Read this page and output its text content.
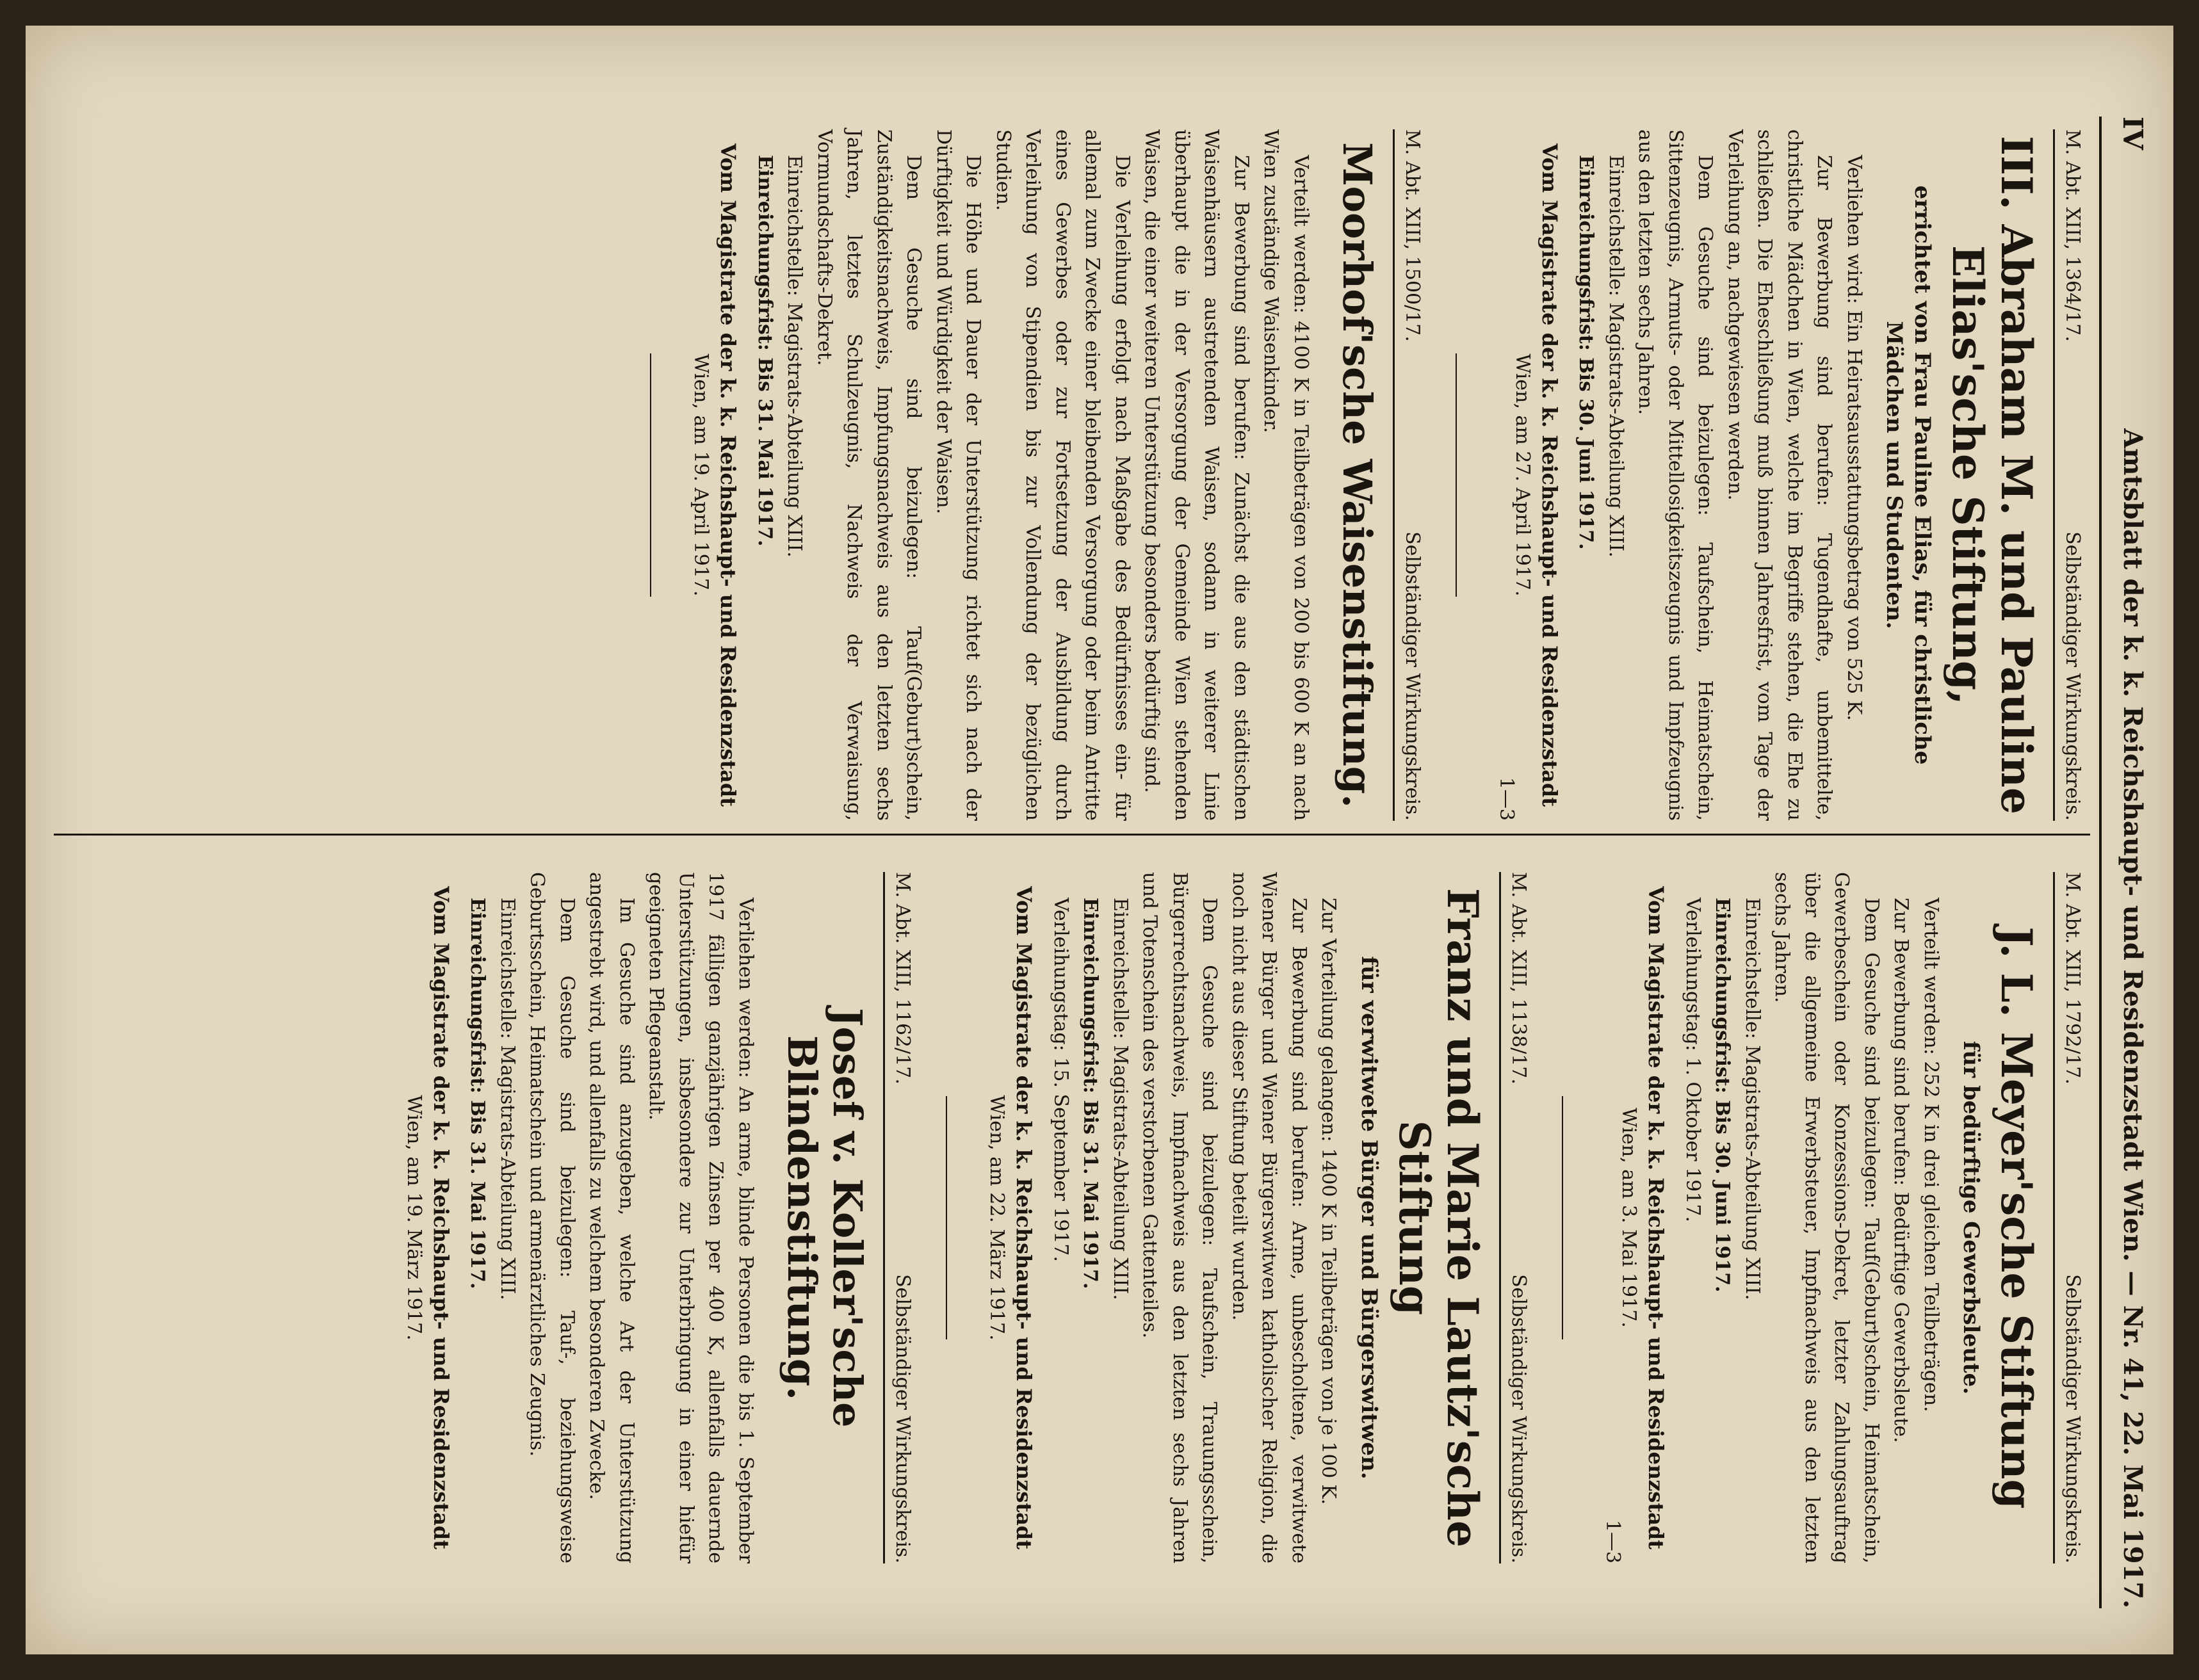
IV
Amtsblatt der k. k. Reichshaupt- und Residenzstadt Wien. — Nr. 41, 22. Mai 1917.
M. Abt. XIII, 1364/17.
Selbständiger Wirkungskreis.
III. Abraham M. und Pauline Elias'sche Stiftung,
errichtet von Frau Pauline Elias, für christliche Mädchen und Studenten.

Verliehen wird: Ein Heiratsausstattungsbetrag von 525 K.

Zur Bewerbung sind berufen: Tugendhafte, unbemittelte, christliche Mädchen in Wien, welche im Begriffe stehen, die Ehe zu schließen. Die Eheschließung muß binnen Jahresfrist, vom Tage der Verleihung an, nachgewiesen werden.

Dem Gesuche sind beizulegen: Taufschein, Heimatschein, Sittenzeugnis, Armuts- oder Mittellosigkeitszeugnis und Impfzeugnis aus den letzten sechs Jahren.

Einreichstelle: Magistrats-Abteilung XIII.

Einreichungsfrist: Bis 30. Juni 1917.

Vom Magistrate der k. k. Reichshaupt- und Residenzstadt
Wien, am 27. April 1917.
1—3
M. Abt. XIII, 1500/17.
Selbständiger Wirkungskreis.
Moorhof'sche Waisenstiftung.

Verteilt werden: 4100 K in Teilbeträgen von 200 bis 600 K an nach Wien zuständige Waisenkinder.

Zur Bewerbung sind berufen: Zunächst die aus den städtischen Waisenhäusern austretenden Waisen, sodann in weiterer Linie überhaupt die in der Versorgung der Gemeinde Wien stehenden Waisen, die einer weiteren Unterstützung besonders bedürftig sind.

Die Verleihung erfolgt nach Maßgabe des Bedürfnisses ein- für allemal zum Zwecke einer bleibenden Versorgung oder beim Antritte eines Gewerbes oder zur Fortsetzung der Ausbildung durch Verleihung von Stipendien bis zur Vollendung der bezüglichen Studien.

Die Höhe und Dauer der Unterstützung richtet sich nach der Dürftigkeit und Würdigkeit der Waisen.

Dem Gesuche sind beizulegen: Tauf(Geburt)schein, Zuständigkeitsnachweis, Impfungsnachweis aus den letzten sechs Jahren, letztes Schulzeugnis, Nachweis der Verwaisung, Vormundschafts-Dekret.

Einreichstelle: Magistrats-Abteilung XIII.

Einreichungsfrist: Bis 31. Mai 1917.

Vom Magistrate der k. k. Reichshaupt- und Residenzstadt
Wien, am 19. April 1917.
M. Abt. XIII, 1792/17.
Selbständiger Wirkungskreis.
J. L. Meyer'sche Stiftung
für bedürftige Gewerbsleute.

Verteilt werden: 252 K in drei gleichen Teilbeträgen.

Zur Bewerbung sind berufen: Bedürftige Gewerbsleute.

Dem Gesuche sind beizulegen: Tauf(Geburt)schein, Heimatschein, Gewerbeschein oder Konzessions-Dekret, letzter Zahlungsauftrag über die allgemeine Erwerbsteuer, Impfnachweis aus den letzten sechs Jahren.

Einreichstelle: Magistrats-Abteilung XIII.

Einreichungsfrist: Bis 30. Juni 1917.

Verleihungstag: 1. Oktober 1917.

Vom Magistrate der k. k. Reichshaupt- und Residenzstadt
Wien, am 3. Mai 1917.
1—3
M. Abt. XIII, 1138/17.
Selbständiger Wirkungskreis.
Franz und Marie Lautz'sche Stiftung
für verwitwete Bürger und Bürgerswitwen.

Zur Verteilung gelangen: 1400 K in Teilbeträgen von je 100 K.

Zur Bewerbung sind berufen: Arme, unbescholtene, verwitwete Wiener Bürger und Wiener Bürgerswitwen katholischer Religion, die noch nicht aus dieser Stiftung beteilt wurden.

Dem Gesuche sind beizulegen: Taufschein, Trauungsschein, Bürgerrechtsnachweis, Impfnachweis aus den letzten sechs Jahren und Totenschein des verstorbenen Gattenteiles.

Einreichstelle: Magistrats-Abteilung XIII.

Einreichungsfrist: Bis 31. Mai 1917.

Verleihungstag: 15. September 1917.

Vom Magistrate der k. k. Reichshaupt- und Residenzstadt
Wien, am 22. März 1917.
M. Abt. XIII, 1162/17.
Selbständiger Wirkungskreis.
Josef v. Koller'sche Blindenstiftung.

Verliehen werden: An arme, blinde Personen die bis 1. September 1917 fälligen ganzjährigen Zinsen per 400 K, allenfalls dauernde Unterstützungen, insbesondere zur Unterbringung in einer hiefür geeigneten Pflegeanstalt.

Im Gesuche sind anzugeben, welche Art der Unterstützung angestrebt wird, und allenfalls zu welchem besonderen Zwecke.

Dem Gesuche sind beizulegen: Tauf-, beziehungsweise Geburtsschein, Heimatschein und armenärztliches Zeugnis.

Einreichstelle: Magistrats-Abteilung XIII.

Einreichungsfrist: Bis 31. Mai 1917.

Vom Magistrate der k. k. Reichshaupt- und Residenzstadt
Wien, am 19. März 1917.
